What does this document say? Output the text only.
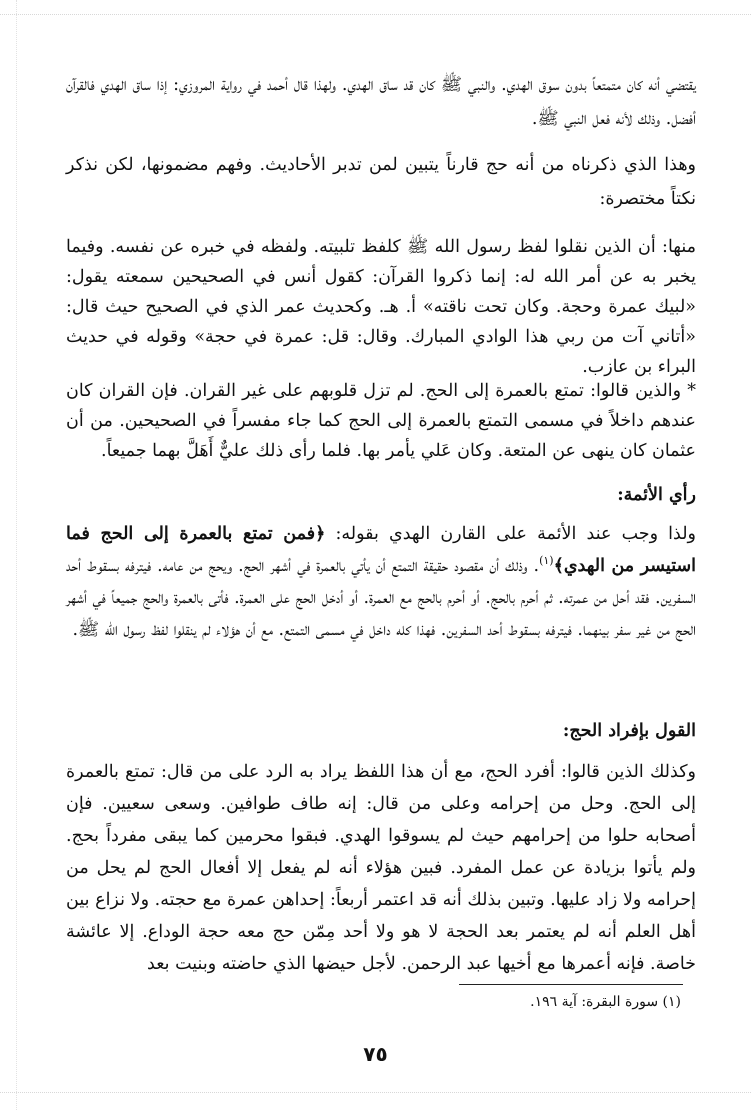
يقتضي أنه كان متمتعاً بدون سوق الهدي. والنبي ﷺ كان قد ساق الهدي. ولهذا قال أحمد في رواية المروزي: إذا ساق الهدي فالقرآن أفضل. وذلك لأنه فعل النبي ﷺ.

وهذا الذي ذكرناه من أنه حج قارناً يتبين لمن تدبر الأحاديث. وفهم مضمونها، لكن نذكر نكتاً مختصرة:

منها: أن الذين نقلوا لفظ رسول الله ﷺ كلفظ تلبيته. ولفظه في خبره عن نفسه. وفيما يخبر به عن أمر الله له: إنما ذكروا القرآن: كقول أنس في الصحيحين سمعته يقول: «لبيك عمرة وحجة. وكان تحت ناقته» أ. هـ. وكحديث عمر الذي في الصحيح حيث قال: «أتاني آت من ربي هذا الوادي المبارك. وقال: قل: عمرة في حجة» وقوله في حديث البراء بن عازب.

* والذين قالوا: تمتع بالعمرة إلى الحج. لم تزل قلوبهم على غير القران. فإن القران كان عندهم داخلاً في مسمى التمتع بالعمرة إلى الحج كما جاء مفسراً في الصحيحين. من أن عثمان كان ينهى عن المتعة. وكان عَلي يأمر بها. فلما رأى ذلك عليٌّ أَهَلَّ بهما جميعاً.

رأي الأئمة:

ولذا وجب عند الأئمة على القارن الهدي بقوله: ﴿فمن تمتع بالعمرة إلى الحج فما استيسر من الهدي﴾$^{(١)}$. وذلك أن مقصود حقيقة التمتع أن يأتي بالعمرة في أشهر الحج. ويحج من عامه. فيترفه بسقوط أحد السفرين. فقد أحل من عمرته. ثم أحرم بالحج. أو أحرم بالحج مع العمرة. أو أدخل الحج على العمرة. فأتى بالعمرة والحج جميعاً في أشهر الحج من غير سفر بينهما. فيترفه بسقوط أحد السفرين. فهذا كله داخل في مسمى التمتع. مع أن هؤلاء لم ينقلوا لفظ رسول الله ﷺ.

القول بإفراد الحج:

وكذلك الذين قالوا: أفرد الحج، مع أن هذا اللفظ يراد به الرد على من قال: تمتع بالعمرة إلى الحج. وحل من إحرامه وعلى من قال: إنه طاف طوافين. وسعى سعيين. فإن أصحابه حلوا من إحرامهم حيث لم يسوقوا الهدي. فبقوا محرمين كما يبقى مفرداً بحج. ولم يأتوا بزيادة عن عمل المفرد. فبين هؤلاء أنه لم يفعل إلا أفعال الحج لم يحل من إحرامه ولا زاد عليها. وتبين بذلك أنه قد اعتمر أربعاً: إحداهن عمرة مع حجته. ولا نزاع بين أهل العلم أنه لم يعتمر بعد الحجة لا هو ولا أحد مِمّن حج معه حجة الوداع. إلا عائشة خاصة. فإنه أعمرها مع أخيها عبد الرحمن. لأجل حيضها الذي حاضته وبنيت بعد

(١) سورة البقرة: آية ١٩٦.

٧٥
